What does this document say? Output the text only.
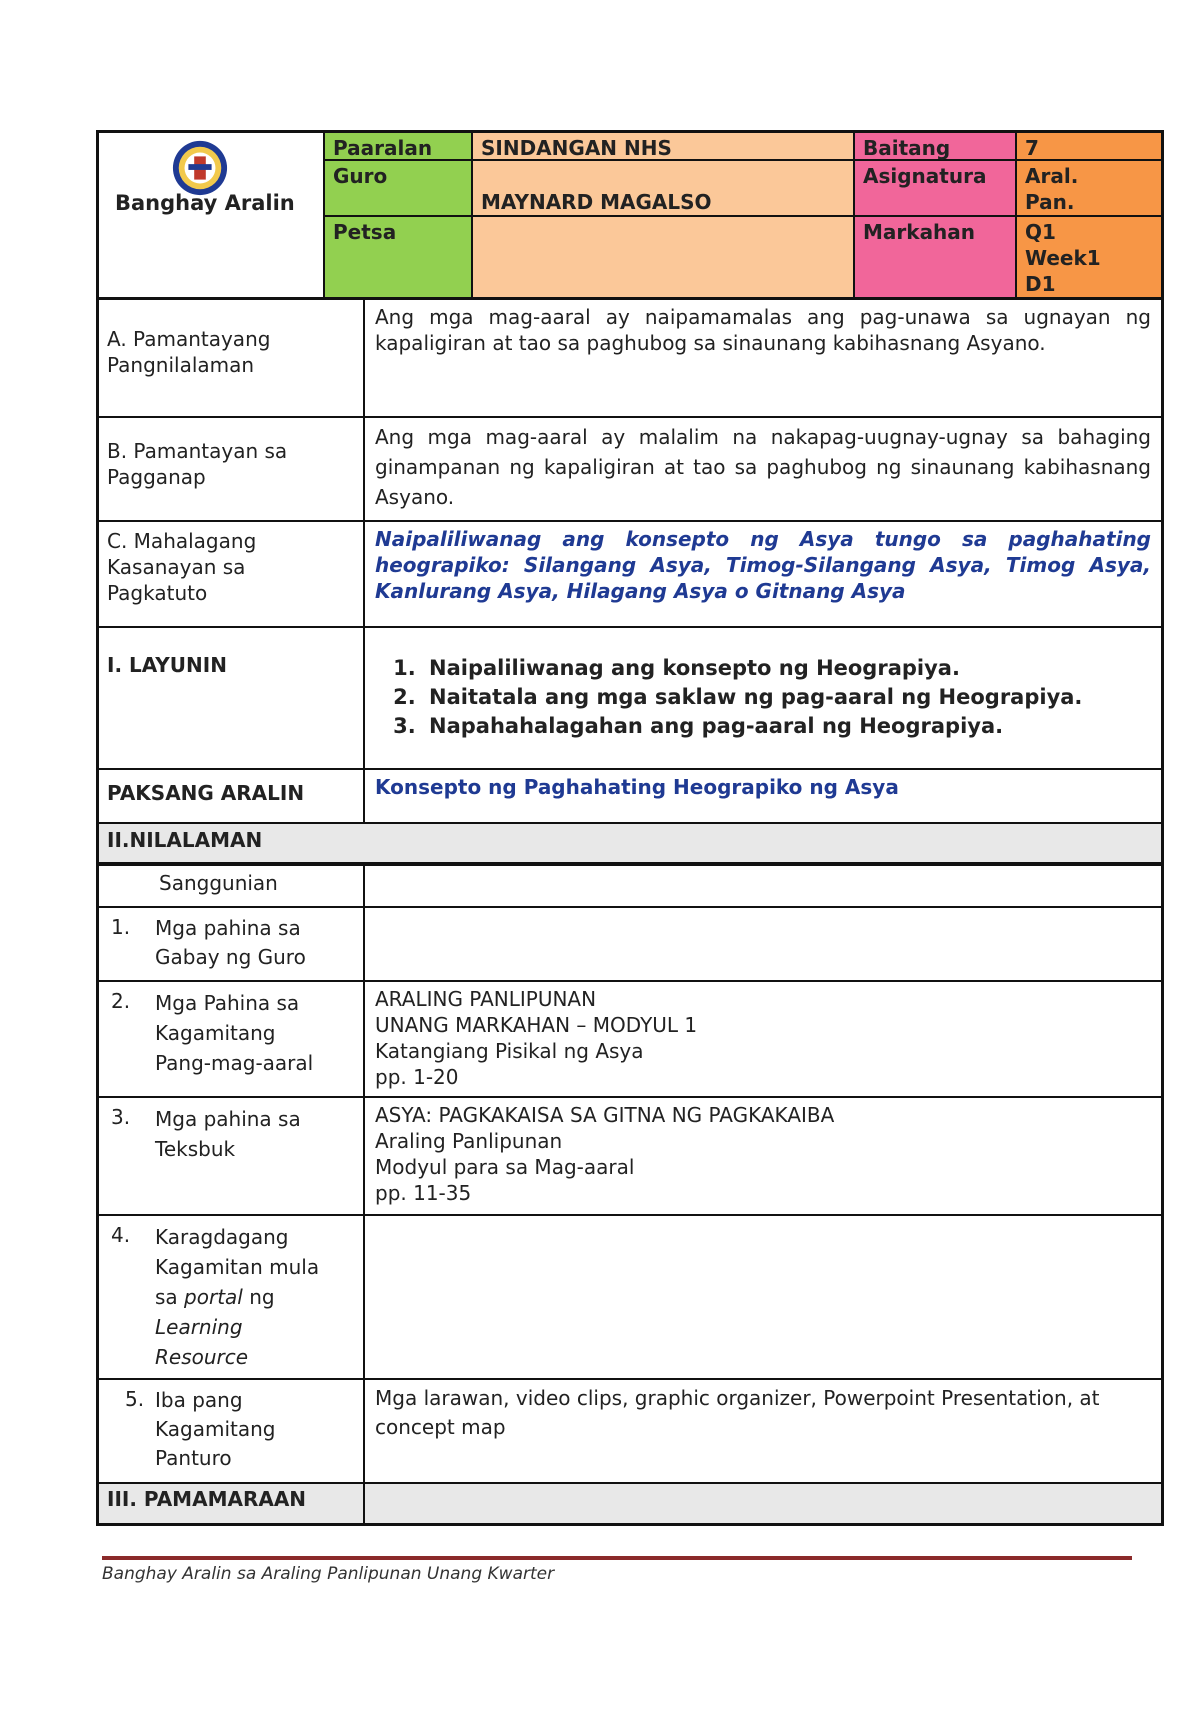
Banghay Aralin
Paaralan	SINDANGAN NHS	Baitang	7
Guro
MAYNARD MAGALSO
Asignatura	Aral.
Pan.
Petsa	Markahan	Q1
Week1
D1
A. Pamantayang
Pangnilalaman
Ang mga mag-aaral ay naipamamalas ang pag-unawa sa ugnayan ng kapaligiran at tao sa paghubog sa sinaunang kabihasnang Asyano.
B. Pamantayan sa
Pagganap
Ang mga mag-aaral ay malalim na nakapag-uugnay-ugnay sa bahaging ginampanan ng kapaligiran at tao sa paghubog ng sinaunang kabihasnang Asyano.
C. Mahalagang
Kasanayan sa
Pagkatuto
Naipaliliwanag ang konsepto ng Asya tungo sa paghahating heograpiko: Silangang Asya, Timog-Silangang Asya, Timog Asya, Kanlurang Asya, Hilagang Asya o Gitnang Asya
I. LAYUNIN
1.	Naipaliliwanag ang konsepto ng Heograpiya.
2. Naitatala ang mga saklaw ng pag-aaral ng Heograpiya.
3. Napahahalagahan ang pag-aaral ng Heograpiya.
PAKSANG ARALIN	Konsepto ng Paghahating Heograpiko ng Asya
II.NILALAMAN
Sanggunian
1. Mga pahina sa
Gabay ng Guro
2. Mga Pahina sa
Kagamitang
Pang-mag-aaral
ARALING PANLIPUNAN
UNANG MARKAHAN – MODYUL 1
Katangiang Pisikal ng Asya
pp. 1-20
3. Mga pahina sa
Teksbuk
ASYA: PAGKAKAISA SA GITNA NG PAGKAKAIBA
Araling Panlipunan
Modyul para sa Mag-aaral
pp. 11-35
4. Karagdagang
Kagamitan mula
sa portal ng
Learning
Resource
5. Iba pang
Kagamitang
Panturo
Mga larawan, video clips, graphic organizer, Powerpoint Presentation, at concept map
III. PAMAMARAAN
Banghay Aralin sa Araling Panlipunan Unang Kwarter
